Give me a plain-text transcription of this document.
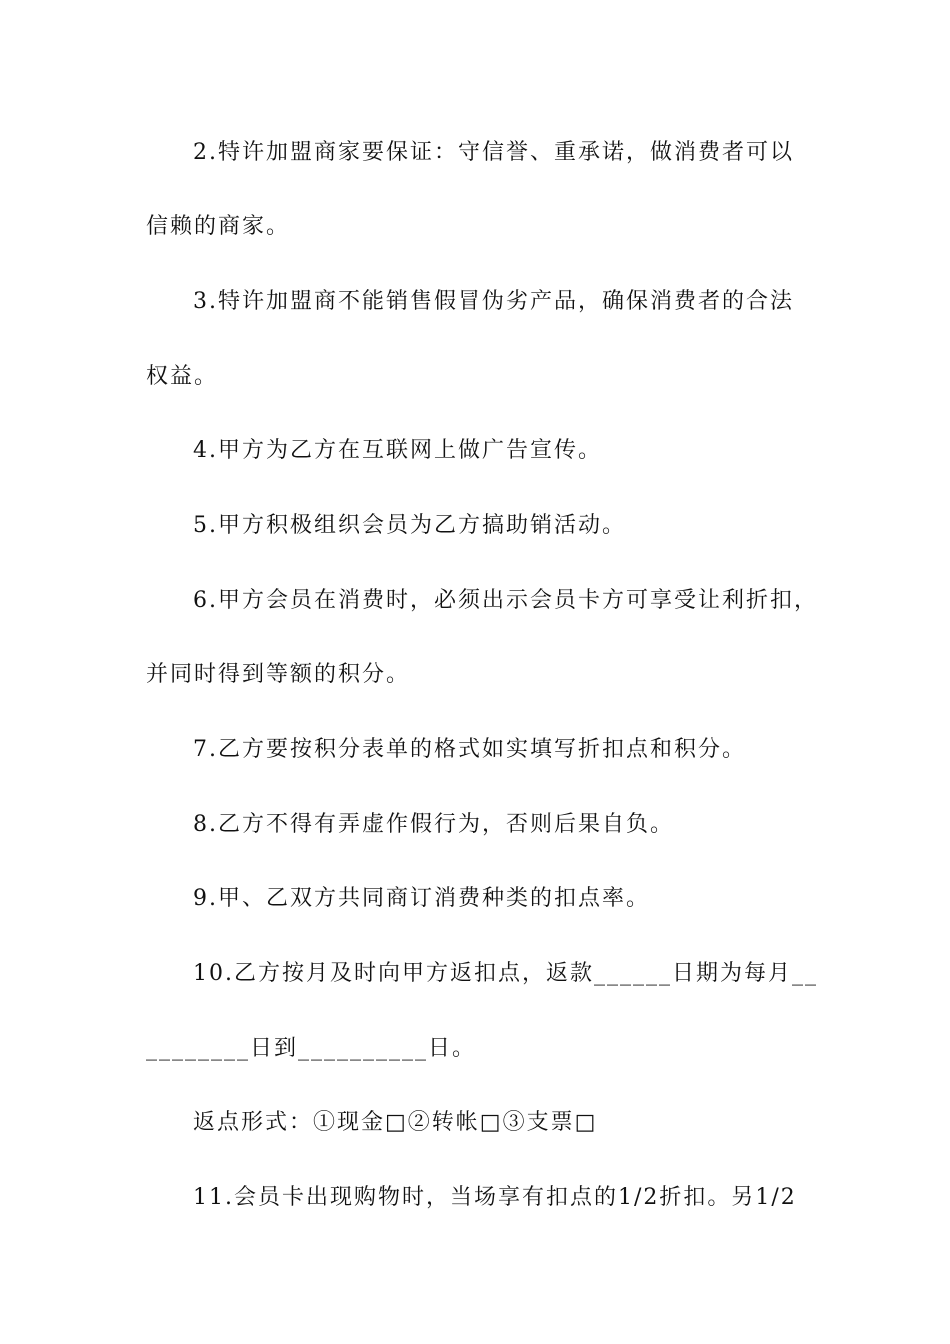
2.特许加盟商家要保证：守信誉、重承诺，做消费者可以
信赖的商家。
3.特许加盟商不能销售假冒伪劣产品，确保消费者的合法
权益。
4.甲方为乙方在互联网上做广告宣传。
5.甲方积极组织会员为乙方搞助销活动。
6.甲方会员在消费时，必须出示会员卡方可享受让利折扣，
并同时得到等额的积分。
7.乙方要按积分表单的格式如实填写折扣点和积分。
8.乙方不得有弄虚作假行为，否则后果自负。
9.甲、乙双方共同商订消费种类的扣点率。
10.乙方按月及时向甲方返扣点，返款______日期为每月__
________日到__________日。
返点形式：①现金□②转帐□③支票□
11.会员卡出现购物时，当场享有扣点的1/2折扣。另1/2
